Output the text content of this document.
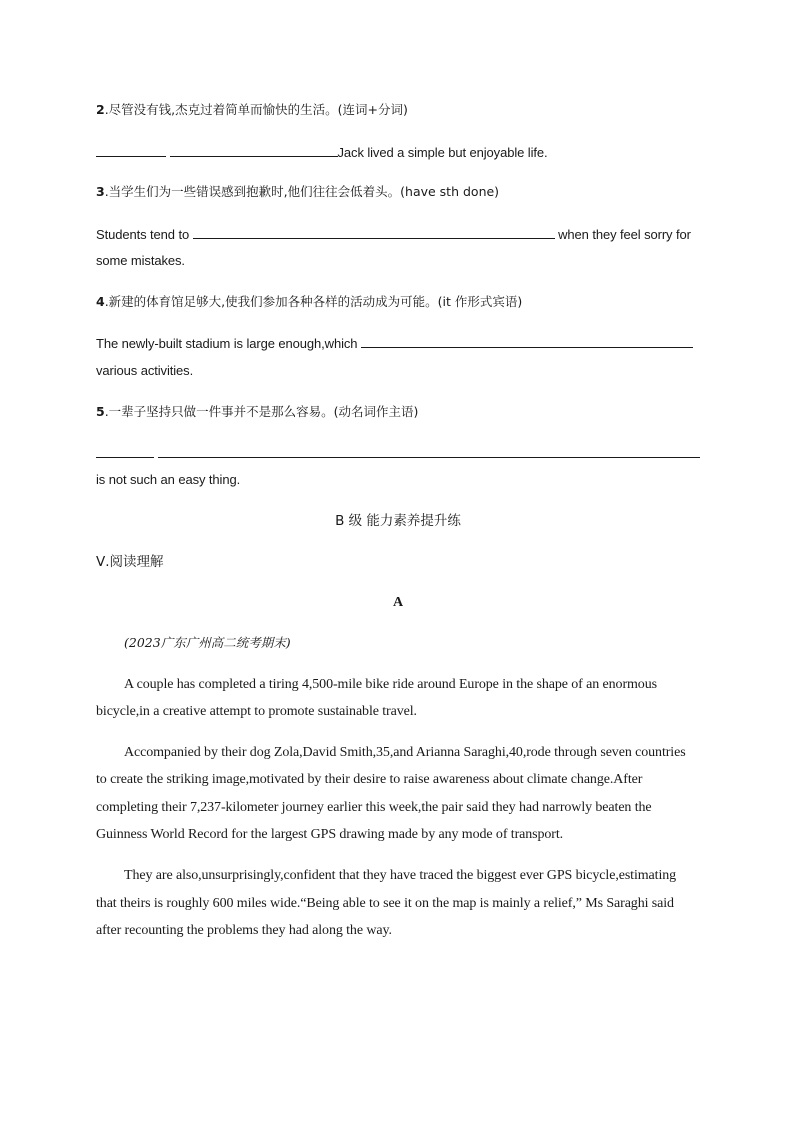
2.尽管没有钱,杰克过着简单而愉快的生活。(连词+分词)
Jack lived a simple but enjoyable life.
3.当学生们为一些错误感到抱歉时,他们往往会低着头。(have sth done)
Students tend to	when they feel sorry for
some mistakes.
4.新建的体育馆足够大,使我们参加各种各样的活动成为可能。(it 作形式宾语)
The newly-built stadium is large enough,which
various activities.
5.一辈子坚持只做一件事并不是那么容易。(动名词作主语)

is not such an easy thing.
B 级 能力素养提升练
Ⅴ.阅读理解
A
(2023广东广州高二统考期末)
A couple has completed a tiring 4,500-mile bike ride around Europe in the shape of an enormous
bicycle,in a creative attempt to promote sustainable travel.
Accompanied by their dog Zola,David Smith,35,and Arianna Saraghi,40,rode through seven countries
to create the striking image,motivated by their desire to raise awareness about climate change.After
completing their 7,237-kilometer journey earlier this week,the pair said they had narrowly beaten the
Guinness World Record for the largest GPS drawing made by any mode of transport.
They are also,unsurprisingly,confident that they have traced the biggest ever GPS bicycle,estimating
that theirs is roughly 600 miles wide.“Being able to see it on the map is mainly a relief,” Ms Saraghi said
after recounting the problems they had along the way.
